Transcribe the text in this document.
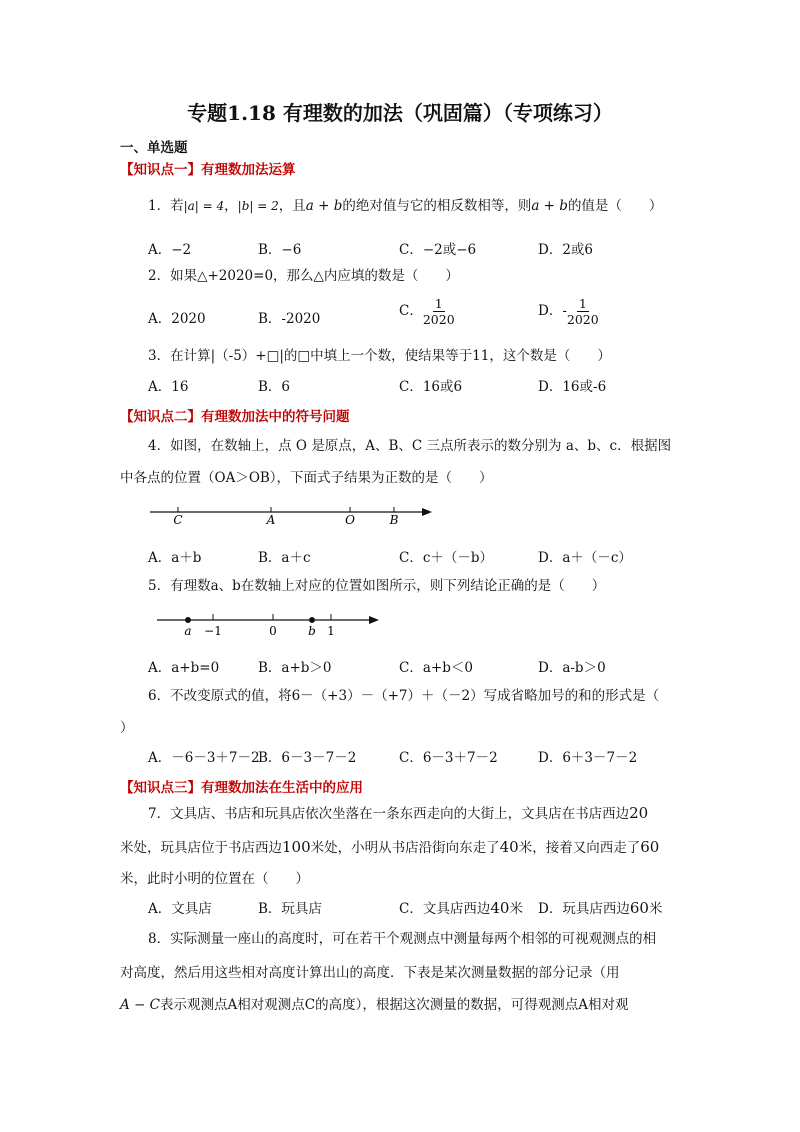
专题1.18 有理数的加法（巩固篇）（专项练习）
一、单选题
【知识点一】有理数加法运算
1．若|a| = 4，|b| = 2，且a + b的绝对值与它的相反数相等，则a + b的值是（　　）
A．−2	B．−6	C．−2或−6	D．2或6
2．如果△+2020=0，那么△内应填的数是（　　）
A．2020	B．-2020	C． $\frac{1}{2020}$	D．- $\frac{1}{2020}$
3．在计算|（-5）+□|的□中填上一个数，使结果等于11，这个数是（　　）
A．16	B．6	C．16或6	D．16或-6
【知识点二】有理数加法中的符号问题
4．如图，在数轴上，点 O 是原点，A、B、C 三点所表示的数分别为 a、b、c．根据图
中各点的位置（OA＞OB），下面式子结果为正数的是（　　）
C	A	O	B
A．a＋b	B．a＋c	C．c＋（－b）	D．a＋（－c）
5．有理数a、b在数轴上对应的位置如图所示，则下列结论正确的是（　　）
a −1	0	b 1
A．a+b=0	B．a+b＞0	C．a+b＜0	D．a-b＞0
6．不改变原式的值，将6－（+3）－（+7）＋（－2）写成省略加号的和的形式是（
）
A．－6－3＋7－2
B．6－3－7－2	C．6－3＋7－2	D．6＋3－7－2
【知识点三】有理数加法在生活中的应用
7．文具店、书店和玩具店依次坐落在一条东西走向的大街上，文具店在书店西边20
米处，玩具店位于书店西边100米处，小明从书店沿街向东走了40米，接着又向西走了60
米，此时小明的位置在（　　）
A．文具店	B．玩具店	C．文具店西边40米 D．玩具店西边60米
8．实际测量一座山的高度时，可在若干个观测点中测量每两个相邻的可视观测点的相
对高度，然后用这些相对高度计算出山的高度．下表是某次测量数据的部分记录（用
A − C表示观测点A相对观测点C的高度），根据这次测量的数据，可得观测点A相对观
